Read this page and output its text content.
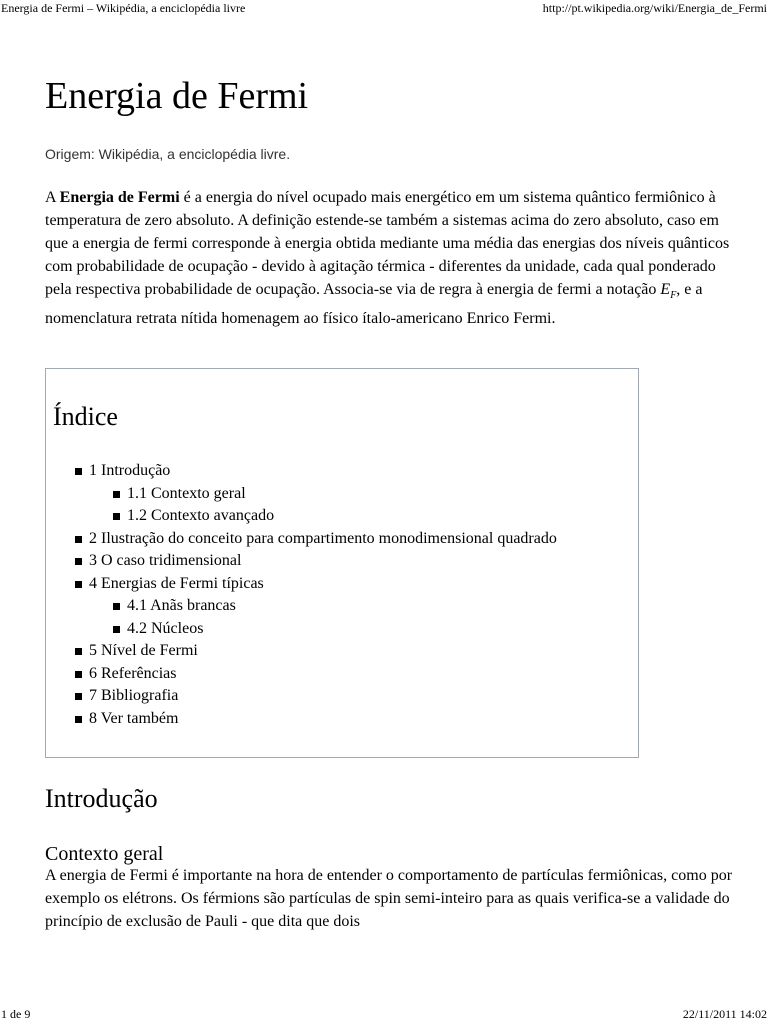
Energia de Fermi – Wikipédia, a enciclopédia livre	http://pt.wikipedia.org/wiki/Energia_de_Fermi
Energia de Fermi

Origem: Wikipédia, a enciclopédia livre.

A Energia de Fermi é a energia do nível ocupado mais energético em um sistema quântico fermiônico à temperatura de zero absoluto. A definição estende-se também a sistemas acima do zero absoluto, caso em que a energia de fermi corresponde à energia obtida mediante uma média das energias dos níveis quânticos com probabilidade de ocupação - devido à agitação térmica - diferentes da unidade, cada qual ponderado pela respectiva probabilidade de ocupação. Associa-se via de regra à energia de fermi a notação $E_F$, e a nomenclatura retrata nítida homenagem ao físico ítalo-americano Enrico Fermi.

Índice
1 Introdução
1.1 Contexto geral
1.2 Contexto avançado
2 Ilustração do conceito para compartimento monodimensional quadrado
3 O caso tridimensional
4 Energias de Fermi típicas
4.1 Anãs brancas
4.2 Núcleos
5 Nível de Fermi
6 Referências
7 Bibliografia
8 Ver também
Introdução
Contexto geral

A energia de Fermi é importante na hora de entender o comportamento de partículas fermiônicas, como por exemplo os elétrons. Os férmions são partículas de spin semi-inteiro para as quais verifica-se a validade do princípio de exclusão de Pauli - que dita que dois

1 de 9	22/11/2011 14:02
